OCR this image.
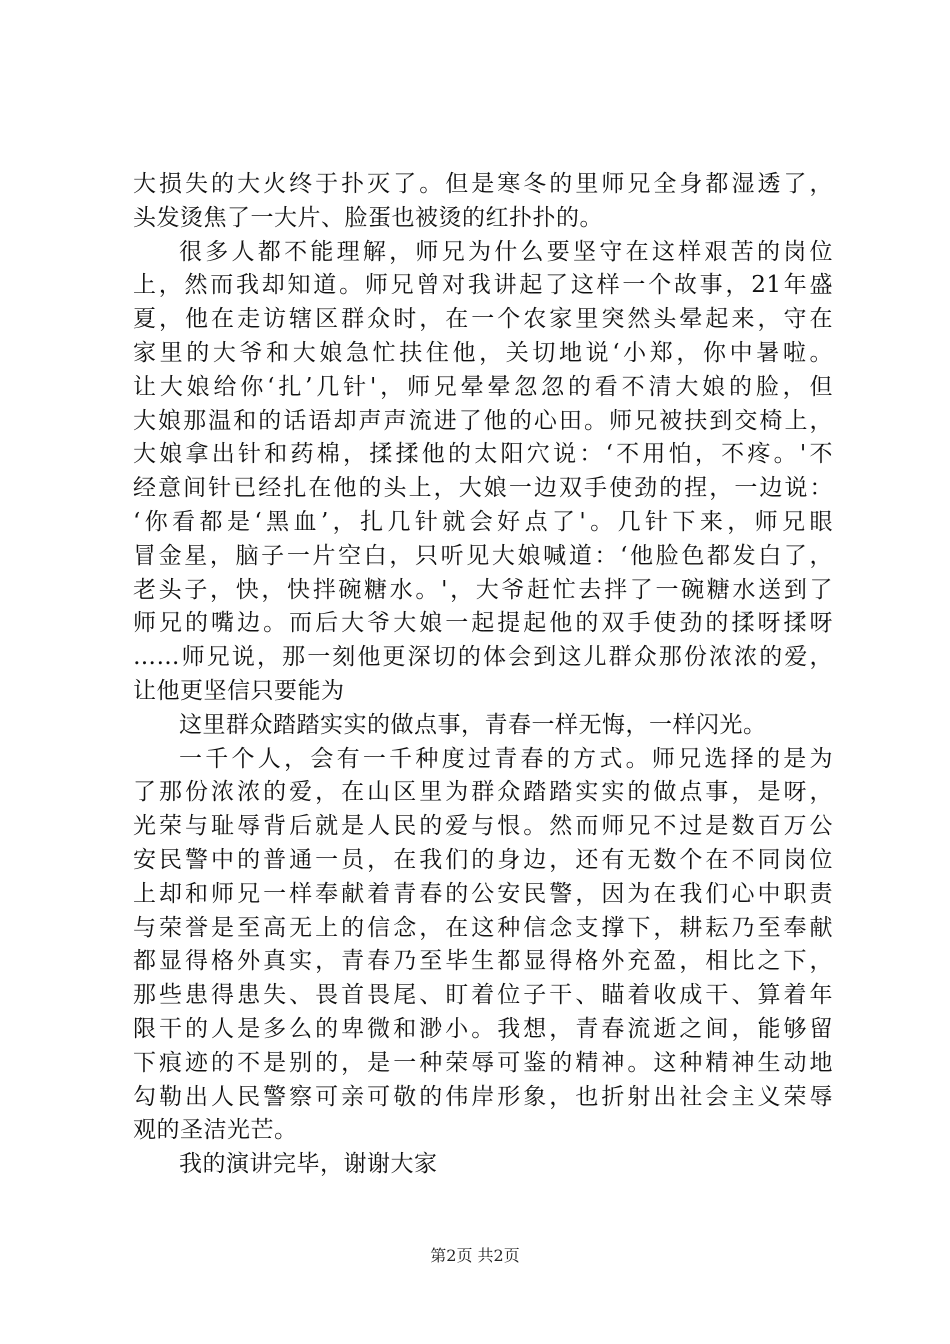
大损失的大火终于扑灭了。但是寒冬的里师兄全身都湿透了，
头发烫焦了一大片、脸蛋也被烫的红扑扑的。
很多人都不能理解，师兄为什么要坚守在这样艰苦的岗位
上，然而我却知道。师兄曾对我讲起了这样一个故事，21年盛
夏，他在走访辖区群众时，在一个农家里突然头晕起来，守在
家里的大爷和大娘急忙扶住他，关切地说‘小郑，你中暑啦。
让大娘给你‘扎’几针'，师兄晕晕忽忽的看不清大娘的脸，但
大娘那温和的话语却声声流进了他的心田。师兄被扶到交椅上，
大娘拿出针和药棉，揉揉他的太阳穴说：‘不用怕，不疼。'不
经意间针已经扎在他的头上，大娘一边双手使劲的捏，一边说：
‘你看都是‘黑血’，扎几针就会好点了'。几针下来，师兄眼
冒金星，脑子一片空白，只听见大娘喊道：‘他脸色都发白了，
老头子，快，快拌碗糖水。'，大爷赶忙去拌了一碗糖水送到了
师兄的嘴边。而后大爷大娘一起提起他的双手使劲的揉呀揉呀
……师兄说，那一刻他更深切的体会到这儿群众那份浓浓的爱，
让他更坚信只要能为
这里群众踏踏实实的做点事，青春一样无悔，一样闪光。
一千个人，会有一千种度过青春的方式。师兄选择的是为
了那份浓浓的爱，在山区里为群众踏踏实实的做点事，是呀，
光荣与耻辱背后就是人民的爱与恨。然而师兄不过是数百万公
安民警中的普通一员，在我们的身边，还有无数个在不同岗位
上却和师兄一样奉献着青春的公安民警，因为在我们心中职责
与荣誉是至高无上的信念，在这种信念支撑下，耕耘乃至奉献
都显得格外真实，青春乃至毕生都显得格外充盈，相比之下，
那些患得患失、畏首畏尾、盯着位子干、瞄着收成干、算着年
限干的人是多么的卑微和渺小。我想，青春流逝之间，能够留
下痕迹的不是别的，是一种荣辱可鉴的精神。这种精神生动地
勾勒出人民警察可亲可敬的伟岸形象，也折射出社会主义荣辱
观的圣洁光芒。
我的演讲完毕，谢谢大家
第2页 共2页
